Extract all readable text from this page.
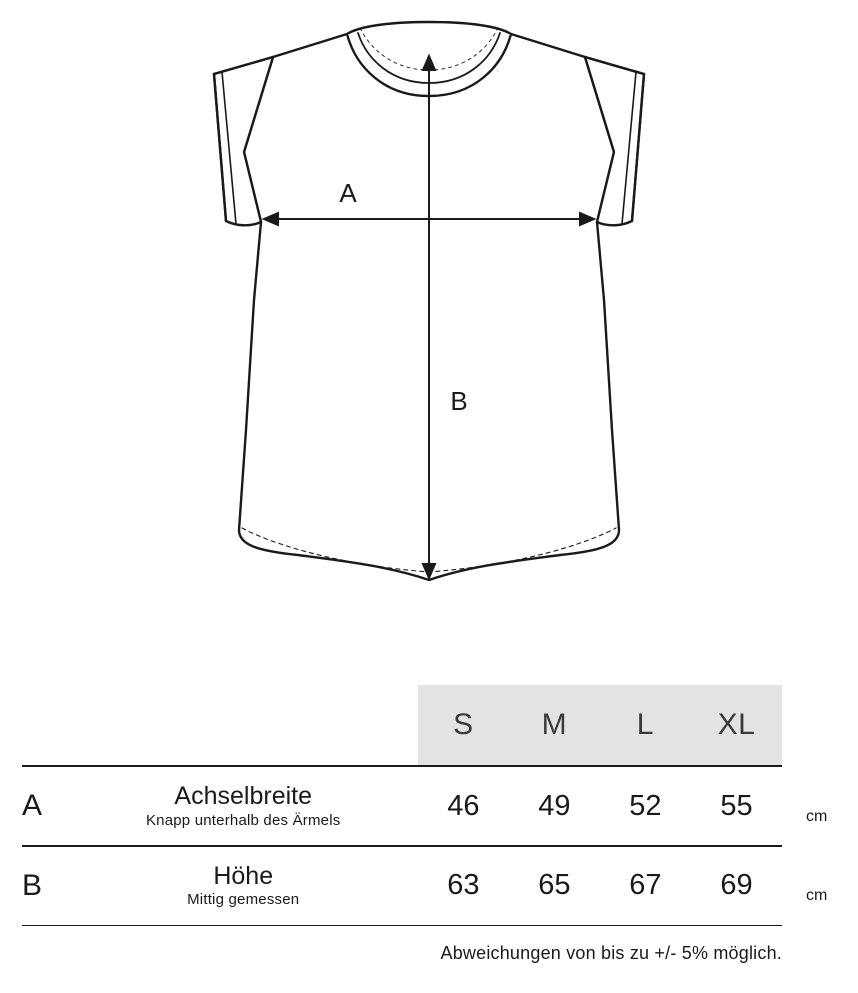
A
B
		S	M	L	XL

A	Achselbreite
Knapp unterhalb des Ärmels	46	49	52	55

B	Höhe
Mittig gemessen	63	65	67	69

cm
cm
Abweichungen von bis zu +/- 5% möglich.
